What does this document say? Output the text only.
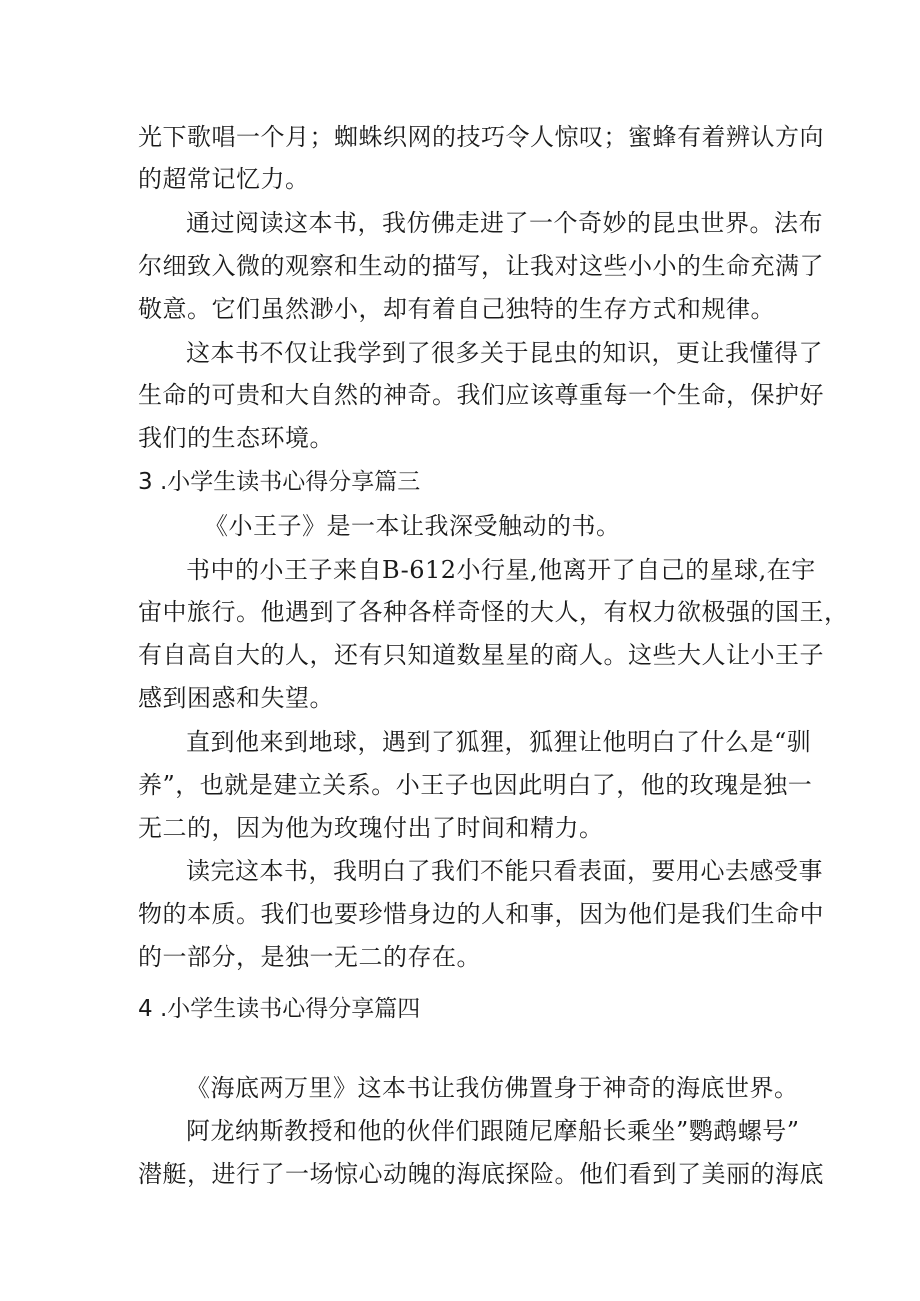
光下歌唱一个月；蜘蛛织网的技巧令人惊叹；蜜蜂有着辨认方向
的超常记忆力。
通过阅读这本书，我仿佛走进了一个奇妙的昆虫世界。法布
尔细致入微的观察和生动的描写，让我对这些小小的生命充满了
敬意。它们虽然渺小，却有着自己独特的生存方式和规律。
这本书不仅让我学到了很多关于昆虫的知识，更让我懂得了
生命的可贵和大自然的神奇。我们应该尊重每一个生命，保护好
我们的生态环境。
3 .小学生读书心得分享篇三
《小王子》是一本让我深受触动的书。
书中的小王子来自B-612小行星,他离开了自己的星球,在宇
宙中旅行。他遇到了各种各样奇怪的大人，有权力欲极强的国王，
有自高自大的人，还有只知道数星星的商人。这些大人让小王子
感到困惑和失望。
直到他来到地球，遇到了狐狸，狐狸让他明白了什么是“驯
养”，也就是建立关系。小王子也因此明白了，他的玫瑰是独一
无二的，因为他为玫瑰付出了时间和精力。
读完这本书，我明白了我们不能只看表面，要用心去感受事
物的本质。我们也要珍惜身边的人和事，因为他们是我们生命中
的一部分，是独一无二的存在。
4 .小学生读书心得分享篇四
《海底两万里》这本书让我仿佛置身于神奇的海底世界。
阿龙纳斯教授和他的伙伴们跟随尼摩船长乘坐”鹦鹉螺号”
潜艇，进行了一场惊心动魄的海底探险。他们看到了美丽的海底
